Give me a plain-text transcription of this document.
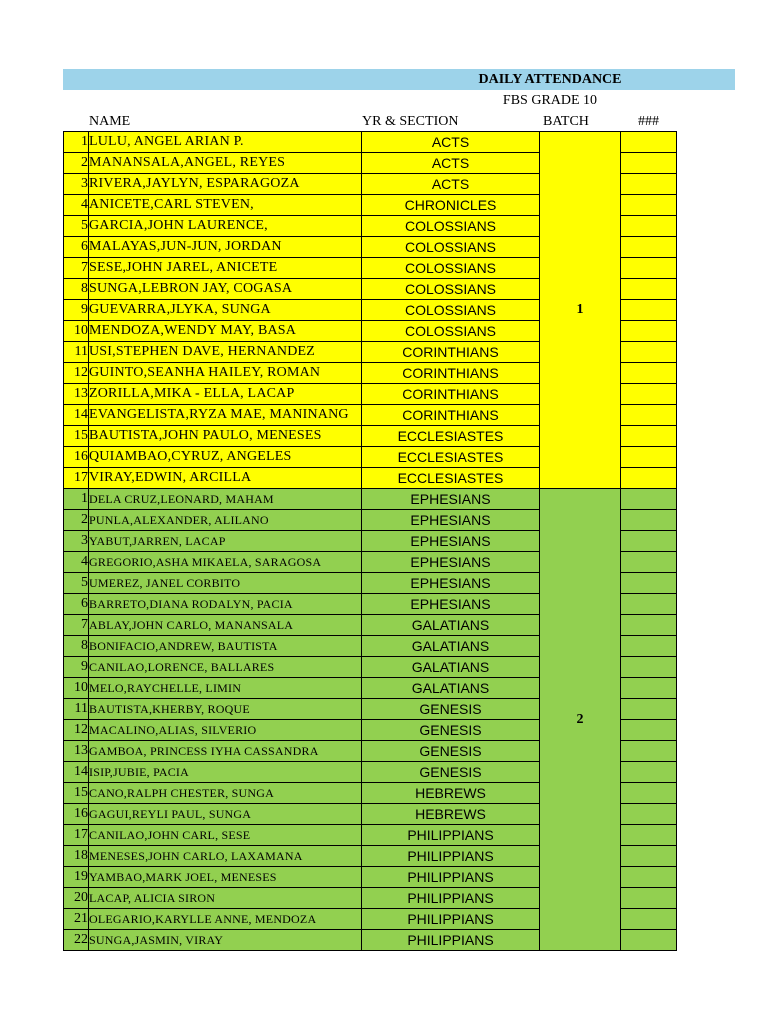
DAILY ATTENDANCE
FBS GRADE 10
NAME	YR & SECTION	BATCH	###
1	LULU, ANGEL ARIAN P.	ACTS	1	
2	MANANSALA,ANGEL, REYES	ACTS		
3	RIVERA,JAYLYN, ESPARAGOZA	ACTS		
4	ANICETE,CARL STEVEN,	CHRONICLES		
5	GARCIA,JOHN LAURENCE,	COLOSSIANS		
6	MALAYAS,JUN-JUN, JORDAN	COLOSSIANS		
7	SESE,JOHN JAREL, ANICETE	COLOSSIANS		
8	SUNGA,LEBRON JAY, COGASA	COLOSSIANS		
9	GUEVARRA,JLYKA, SUNGA	COLOSSIANS		
10	MENDOZA,WENDY MAY, BASA	COLOSSIANS		
11	USI,STEPHEN DAVE, HERNANDEZ	CORINTHIANS		
12	GUINTO,SEANHA HAILEY, ROMAN	CORINTHIANS		
13	ZORILLA,MIKA - ELLA, LACAP	CORINTHIANS		
14	EVANGELISTA,RYZA MAE, MANINANG	CORINTHIANS		
15	BAUTISTA,JOHN PAULO, MENESES	ECCLESIASTES		
16	QUIAMBAO,CYRUZ, ANGELES	ECCLESIASTES		
17	VIRAY,EDWIN, ARCILLA	ECCLESIASTES		
1	DELA CRUZ,LEONARD, MAHAM	EPHESIANS	2	
2	PUNLA,ALEXANDER, ALILANO	EPHESIANS		
3	YABUT,JARREN, LACAP	EPHESIANS		
4	GREGORIO,ASHA MIKAELA, SARAGOSA	EPHESIANS		
5	UMEREZ, JANEL CORBITO	EPHESIANS		
6	BARRETO,DIANA RODALYN, PACIA	EPHESIANS		
7	ABLAY,JOHN CARLO, MANANSALA	GALATIANS		
8	BONIFACIO,ANDREW, BAUTISTA	GALATIANS		
9	CANILAO,LORENCE, BALLARES	GALATIANS		
10	MELO,RAYCHELLE, LIMIN	GALATIANS		
11	BAUTISTA,KHERBY, ROQUE	GENESIS		
12	MACALINO,ALIAS, SILVERIO	GENESIS		
13	GAMBOA, PRINCESS IYHA CASSANDRA	GENESIS		
14	ISIP,JUBIE, PACIA	GENESIS		
15	CANO,RALPH CHESTER, SUNGA	HEBREWS		
16	GAGUI,REYLI PAUL, SUNGA	HEBREWS		
17	CANILAO,JOHN CARL, SESE	PHILIPPIANS		
18	MENESES,JOHN CARLO, LAXAMANA	PHILIPPIANS		
19	YAMBAO,MARK JOEL, MENESES	PHILIPPIANS		
20	LACAP, ALICIA SIRON	PHILIPPIANS		
21	OLEGARIO,KARYLLE ANNE, MENDOZA	PHILIPPIANS		
22	SUNGA,JASMIN, VIRAY	PHILIPPIANS		
